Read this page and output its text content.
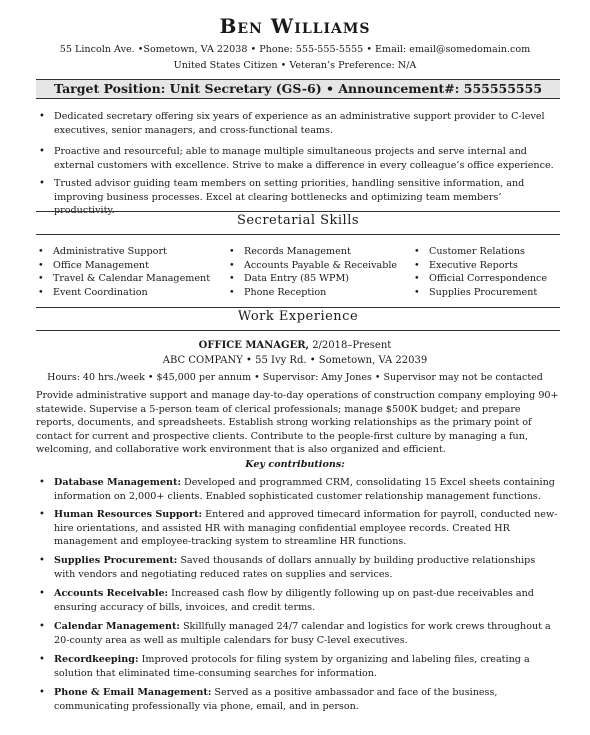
Ben Williams
55 Lincoln Ave. •Sometown, VA 22038 • Phone: 555-555-5555 • Email: email@somedomain.com
United States Citizen • Veteran’s Preference: N/A
Target Position: Unit Secretary (GS-6) • Announcement#: 555555555
• Dedicated secretary offering six years of experience as an administrative support provider to C-level executives, senior managers, and cross-functional teams.
• Proactive and resourceful; able to manage multiple simultaneous projects and serve internal and external customers with excellence. Strive to make a difference in every colleague’s office experience.
• Trusted advisor guiding team members on setting priorities, handling sensitive information, and improving business processes. Excel at clearing bottlenecks and optimizing team members’ productivity.
Secretarial Skills
• Administrative Support
• Office Management
• Travel & Calendar Management
• Event Coordination
• Records Management
• Accounts Payable & Receivable
• Data Entry (85 WPM)
• Phone Reception
• Customer Relations
• Executive Reports
• Official Correspondence
• Supplies Procurement
Work Experience
OFFICE MANAGER, 2/2018–Present
ABC COMPANY • 55 Ivy Rd. • Sometown, VA 22039
Hours: 40 hrs./week • $45,000 per annum • Supervisor: Amy Jones • Supervisor may not be contacted
Provide administrative support and manage day-to-day operations of construction company employing 90+ statewide. Supervise a 5-person team of clerical professionals; manage $500K budget; and prepare reports, documents, and spreadsheets. Establish strong working relationships as the primary point of contact for current and prospective clients. Contribute to the people-first culture by managing a fun, welcoming, and collaborative work environment that is also organized and efficient.
Key contributions:
• Database Management: Developed and programmed CRM, consolidating 15 Excel sheets containing information on 2,000+ clients. Enabled sophisticated customer relationship management functions.
• Human Resources Support: Entered and approved timecard information for payroll, conducted new-hire orientations, and assisted HR with managing confidential employee records. Created HR management and employee-tracking system to streamline HR functions.
• Supplies Procurement: Saved thousands of dollars annually by building productive relationships with vendors and negotiating reduced rates on supplies and services.
• Accounts Receivable: Increased cash flow by diligently following up on past-due receivables and ensuring accuracy of bills, invoices, and credit terms.
• Calendar Management: Skillfully managed 24/7 calendar and logistics for work crews throughout a 20-county area as well as multiple calendars for busy C-level executives.
• Recordkeeping: Improved protocols for filing system by organizing and labeling files, creating a solution that eliminated time-consuming searches for information.
• Phone & Email Management: Served as a positive ambassador and face of the business, communicating professionally via phone, email, and in person.
